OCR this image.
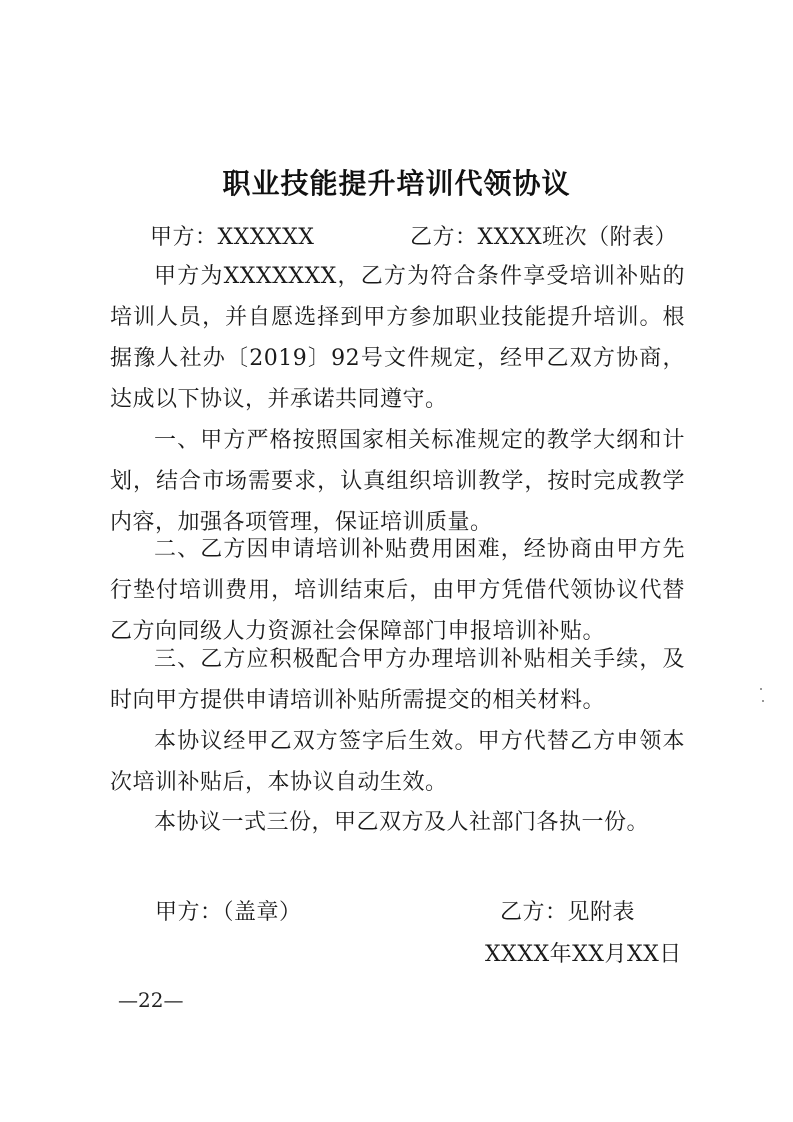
职业技能提升培训代领协议
甲方：XXXXXX	乙方：XXXX班次（附表）
甲方为XXXXXXX，乙方为符合条件享受培训补贴的培训人员，并自愿选择到甲方参加职业技能提升培训。根据豫人社办〔2019〕92号文件规定，经甲乙双方协商，达成以下协议，并承诺共同遵守。
一、甲方严格按照国家相关标准规定的教学大纲和计划，结合市场需要求，认真组织培训教学，按时完成教学内容，加强各项管理，保证培训质量。
二、乙方因申请培训补贴费用困难，经协商由甲方先行垫付培训费用，培训结束后，由甲方凭借代领协议代替乙方向同级人力资源社会保障部门申报培训补贴。
三、乙方应积极配合甲方办理培训补贴相关手续，及时向甲方提供申请培训补贴所需提交的相关材料。
本协议经甲乙双方签字后生效。甲方代替乙方申领本次培训补贴后，本协议自动生效。
本协议一式三份，甲乙双方及人社部门各执一份。
甲方：（盖章）	乙方：见附表
XXXX年XX月XX日
—22—
